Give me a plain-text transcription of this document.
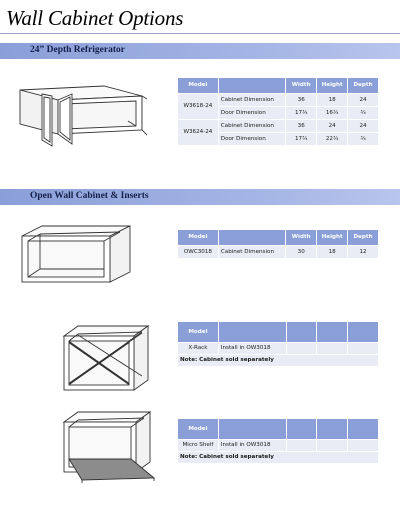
Wall Cabinet Options
24” Depth Refrigerator
Model		Width	Height	Depth
W3618-24	Cabinet Dimension	36	18	24
	Door Dimension	17¾	16¾	¾
W3624-24	Cabinet Dimension	36	24	24
	Door Dimension	17¾	22¾	¾
Open Wall Cabinet & Inserts
Model		Width	Height	Depth
OWC3018	Cabinet Dimension	30	18	12
Model				
X-Rack	Install in OW3018			
Note: Cabinet sold separately				
Model				
Micro Shelf	Install in OW3018			
Note: Cabinet sold separately				
